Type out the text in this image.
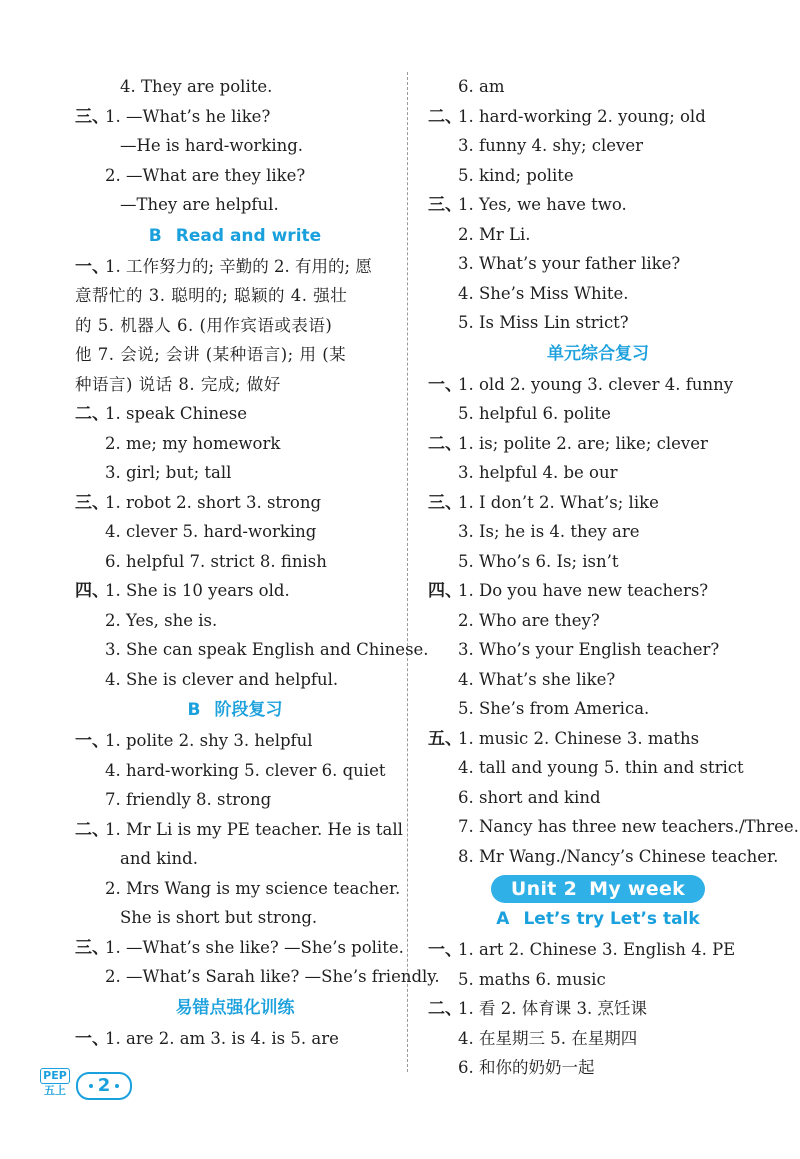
4. They are polite.
三、1. —What’s he like?
—He is hard-working.
2. —What are they like?
—They are helpful.
B Read and write
一、1. 工作努力的; 辛勤的 2. 有用的; 愿
意帮忙的 3. 聪明的; 聪颖的 4. 强壮
的 5. 机器人 6. (用作宾语或表语)
他 7. 会说; 会讲 (某种语言); 用 (某
种语言) 说话 8. 完成; 做好
二、1. speak Chinese
2. me; my homework
3. girl; but; tall
三、1. robot 2. short 3. strong
4. clever 5. hard-working
6. helpful 7. strict 8. finish
四、1. She is 10 years old.
2. Yes, she is.
3. She can speak English and Chinese.
4. She is clever and helpful.
B 阶段复习
一、1. polite 2. shy 3. helpful
4. hard-working 5. clever 6. quiet
7. friendly 8. strong
二、1. Mr Li is my PE teacher. He is tall
and kind.
2. Mrs Wang is my science teacher.
She is short but strong.
三、1. —What’s she like? —She’s polite.
2. —What’s Sarah like? —She’s friendly.
易错点强化训练
一、1. are 2. am 3. is 4. is 5. are
6. am
二、1. hard-working 2. young; old
3. funny 4. shy; clever
5. kind; polite
三、1. Yes, we have two.
2. Mr Li.
3. What’s your father like?
4. She’s Miss White.
5. Is Miss Lin strict?
单元综合复习
一、1. old 2. young 3. clever 4. funny
5. helpful 6. polite
二、1. is; polite 2. are; like; clever
3. helpful 4. be our
三、1. I don’t 2. What’s; like
3. Is; he is 4. they are
5. Who’s 6. Is; isn’t
四、1. Do you have new teachers?
2. Who are they?
3. Who’s your English teacher?
4. What’s she like?
5. She’s from America.
五、1. music 2. Chinese 3. maths
4. tall and young 5. thin and strict
6. short and kind
7. Nancy has three new teachers./Three.
8. Mr Wang./Nancy’s Chinese teacher.
Unit 2 My week
A Let’s try Let’s talk
一、1. art 2. Chinese 3. English 4. PE
5. maths 6. music
二、1. 看 2. 体育课 3. 烹饪课
4. 在星期三 5. 在星期四
6. 和你的奶奶一起
PEP
五上	2
